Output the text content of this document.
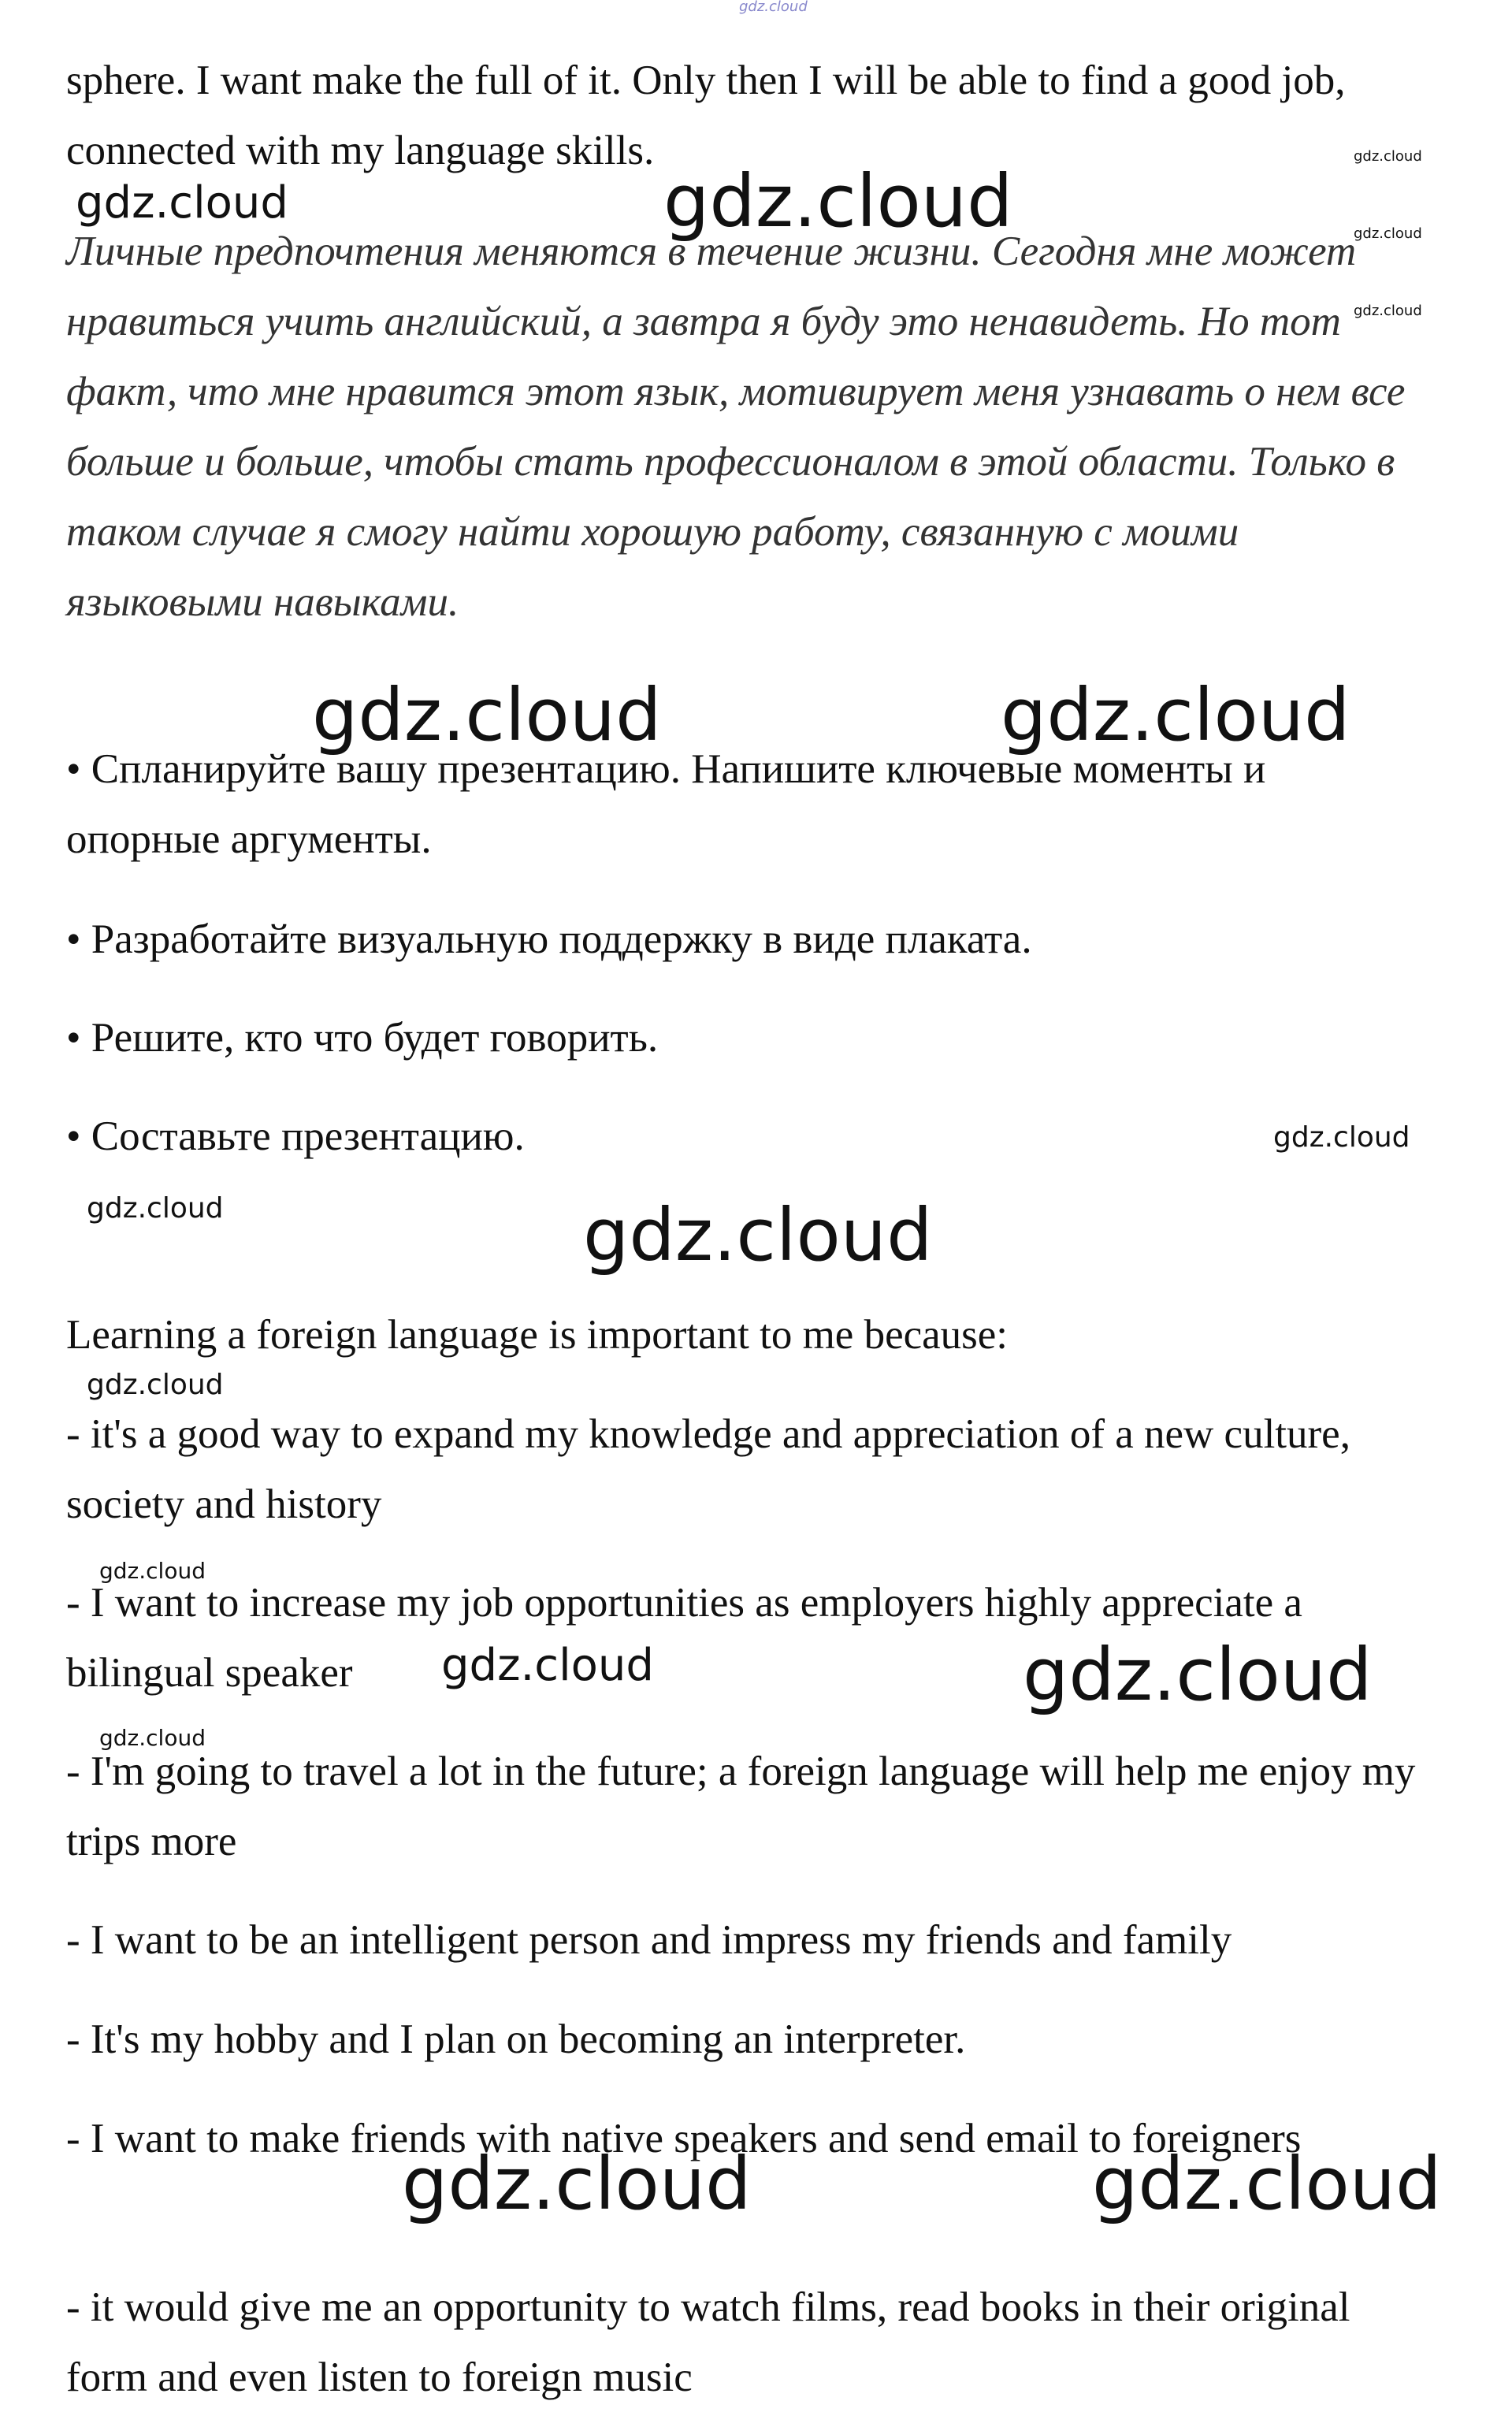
sphere. I want make the full of it. Only then I will be able to find a good job, connected with my language skills.

Личные предпочтения меняются в течение жизни. Сегодня мне может нравиться учить английский, а завтра я буду это ненавидеть. Но тот факт, что мне нравится этот язык, мотивирует меня узнавать о нем все больше и больше, чтобы стать профессионалом в этой области. Только в таком случае я смогу найти хорошую работу, связанную с моими языковыми навыками.

• Спланируйте вашу презентацию. Напишите ключевые моменты и опорные аргументы.

• Разработайте визуальную поддержку в виде плаката.

• Решите, кто что будет говорить.

• Составьте презентацию.

Learning a foreign language is important to me because:

- it's a good way to expand my knowledge and appreciation of a new culture, society and history

- I want to increase my job opportunities as employers highly appreciate a bilingual speaker

- I'm going to travel a lot in the future; a foreign language will help me enjoy my trips more

- I want to be an intelligent person and impress my friends and family

- It's my hobby and I plan on becoming an interpreter.

- I want to make friends with native speakers and send email to foreigners

- it would give me an opportunity to watch films, read books in their original form and even listen to foreign music

gdz.cloud
gdz.cloud
gdz.cloud
gdz.cloud
gdz.cloud	gdz.cloud
gdz.cloud	gdz.cloud
gdz.cloud
gdz.cloud	gdz.cloud
gdz.cloud
gdz.cloud
gdz.cloud	gdz.cloud
gdz.cloud
gdz.cloud	gdz.cloud
